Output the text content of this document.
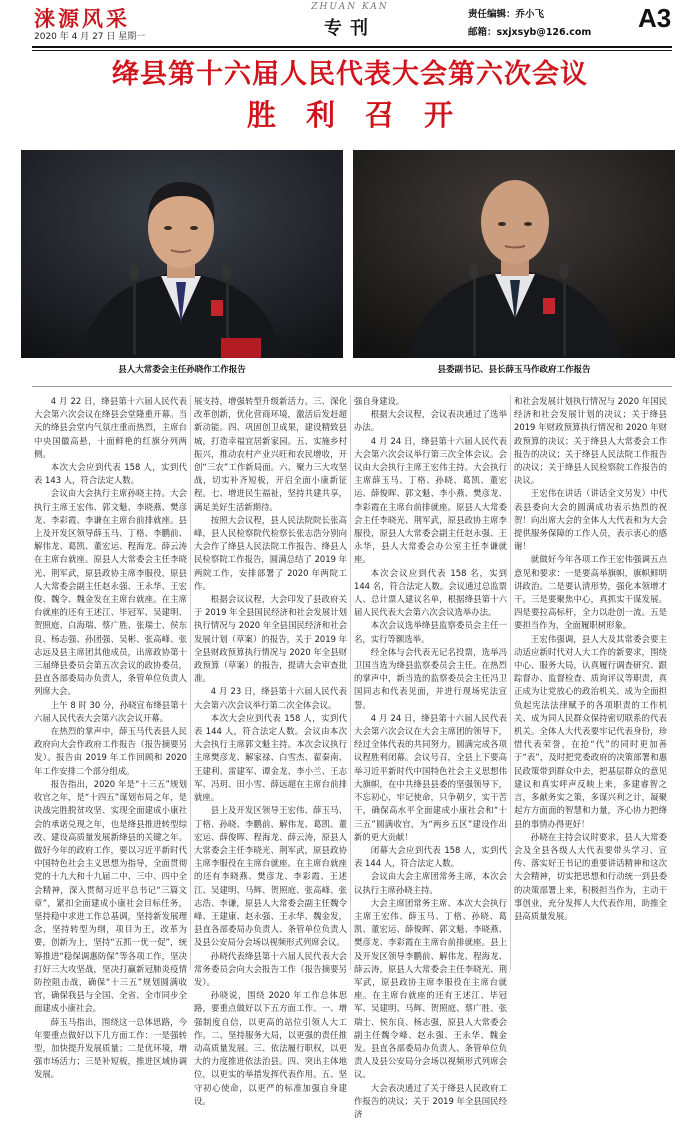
涞源风采
2020 年 4 月 27 日 星期一
ZHUAN KAN
专刊
责任编辑：乔小飞
邮箱：sxjxsyb@126.com A3
绛县第十六届人民代表大会第六次会议
胜利召开
县人大常委会主任孙晓作工作报告	县委副书记、县长薛玉马作政府工作报告

4 月 22 日，绛县第十六届人民代表大会第六次会议在绛县会堂隆重开幕。当天的绛县会堂内气氛庄重而热烈，主席台中央国徽高悬，十面鲜艳的红旗分列两侧。

本次大会应到代表 158 人，实到代表 143 人，符合法定人数。

会议由大会执行主席孙晓主持。大会执行主席王宏伟、郭文魁、李晓燕、樊彦龙、李彩霞、李谦在主席台前排就座。县上及开发区领导薛玉马、丁格、李鹏前、解伟龙、葛凯、董宏运、程海龙、薛云涛在主席台就座。原县人大常委会主任李晓光、荆军武，原县政协主席李服役，原县人大常委会副主任赵永强、王永华、王宏俊、魏令、魏金发在主席台就座。在主席台就座的还有王述江、毕冠军、吴建明、贺照庭、白海瑞、蔡广胜、张瑞士、侯东良、杨志强、孙团强、吴彬、张高峰、张志远及县主席团其他成员，出席政协第十三届绛县委员会第五次会议的政协委员，县直各部委局办负责人，条管单位负责人列席大会。

上午 8 时 30 分，孙晓宣布绛县第十六届人民代表大会第六次会议开幕。

在热烈的掌声中，薛玉马代表县人民政府向大会作政府工作报告（报告摘要另发）。报告由 2019 年工作回顾和 2020 年工作安排二个部分组成。

报告指出，2020 年是“十三五”规划收官之年，是“十四五”谋划布局之年，是决战完胜脱贫攻坚、实现全面建成小康社会的承诺兑现之年，也是绛县推进转型综改、建设高质量发展新绛县的关键之年。做好今年的政府工作，要以习近平新时代中国特色社会主义思想为指导，全面贯彻党的十九大和十九届二中、三中、四中全会精神，深入贯彻习近平总书记“三篇文章”，紧扣全面建成小康社会目标任务，坚持稳中求进工作总基调，坚持新发展理念，坚持转型为纲，项目为王，改革为要，创新为上，坚持“五抓一优一促”，统筹推进“稳保调惠防保”等各项工作，坚决打好三大攻坚战，坚决打赢新冠肺炎疫情防控阻击战，确保“十三五”规划圆满收官，确保我县与全国、全省、全市同步全面建成小康社会。

薛玉马指出，围绕这一总体思路，今年要重点做好以下几方面工作：一是强转型，加快提升发展质量；二是优环境，增强市场活力；三是补短板，推进区域协调发展。

展支持，增强转型升级新活力。三、深化改革创新，优化营商环境，激活后发赶超新动能。四、巩固创卫成果，建设精致县城，打造幸福宜居新家园。五、实施乡村振兴，推动农村产业兴旺和农民增收，开创“三农”工作新局面。六、聚力三大攻坚战，切实补齐短板，开启全面小康新征程。七、增进民生福祉，坚持共建共享，满足美好生活新期待。

按照大会议程，县人民法院院长张高峰，县人民检察院代检察长张志浩分别向大会作了绛县人民法院工作报告、绛县人民检察院工作报告，圆满总结了 2019 年两院工作，安排部署了 2020 年两院工作。

根据会议议程，大会印发了县政府关于 2019 年全县国民经济和社会发展计划执行情况与 2020 年全县国民经济和社会发展计划（草案）的报告，关于 2019 年全县财政预算执行情况与 2020 年全县财政预算（草案）的报告，提请大会审查批准。

4 月 23 日，绛县第十六届人民代表大会第六次会议举行第二次全体会议。

本次大会应到代表 158 人，实到代表 144 人，符合法定人数。会议由本次大会执行主席郭文魁主持。本次会议执行主席樊彦龙、解家禄、白雪杰、翟秦南、王建利、雷建军、谭金龙、李小兰、王志军、冯玥、田小雪、薛远超在主席台前排就座。

县上及开发区领导王宏伟、薛玉马、丁格、孙晓、李鹏前、解伟龙、葛凯、董宏运、薛俊晖、程海龙、薛云涛，原县人大常委会主任李晓光、荆军武，原县政协主席李服役在主席台就座。在主席台就座的还有李晓燕、樊彦龙、李彩霞、王述江、吴建明、马辉、贺照庭、张高峰、张志浩、李谦，原县人大常委会副主任魏令峰、王建康、赵永强、王永华、魏金发，县直各部委局办负责人、条管单位负责人及县公安局分会场以视频形式列席会议。

孙晓代表绛县第十六届人民代表大会常务委员会向大会报告工作（报告摘要另发）。

孙晓说，围绕 2020 年工作总体思路，要重点做好以下五方面工作。一、增强制度自信，以更高的站位引领人大工作。二、坚持服务大局，以更强的责任推动高质量发展。三、依法履行职权，以更大的力度推进依法治县。四、突出主体地位，以更实的举措发挥代表作用。五、坚守初心使命，以更严的标准加强自身建设。

强自身建设。

根据大会议程，会议表决通过了选举办法。

4 月 24 日，绛县第十六届人民代表大会第六次会议举行第三次全体会议。会议由大会执行主席王宏伟主持。大会执行主席薛玉马、丁格、孙晓、葛凯、董宏运、薛俊晖、郭文魁、李小燕、樊彦龙、李彩霞在主席台前排就座。原县人大常委会主任李晓光、荆军武，原县政协主席李服役，原县人大常委会副主任赵永强、王永华，县人大常委会办公室主任李谦就座。

本次会议应到代表 158 名，实到 144 名，符合法定人数。会议通过总监票人、总计票人建议名单，根据绛县第十六届人民代表大会第六次会议选举办法。

本次会议选举绛县监察委员会主任一名，实行等额选举。

经全体与会代表无记名投票，选举冯卫国当选为绛县监察委员会主任。在热烈的掌声中，新当选的监察委员会主任冯卫国同志和代表见面，并进行现场宪法宣誓。

4 月 24 日，绛县第十六届人民代表大会第六次会议在大会主席团的领导下，经过全体代表的共同努力，圆满完成各项议程胜利闭幕。会议号召，全县上下要高举习近平新时代中国特色社会主义思想伟大旗帜，在中共绛县县委的坚强领导下，不忘初心，牢记使命，只争朝夕，实干苦干，确保高水平全面建成小康社会和“十三五”圆满收官，为“两乡五区”建设作出新的更大贡献！

闭幕大会应到代表 158 人，实到代表 144 人，符合法定人数。

会议由大会主席团常务主席，本次会议执行主席孙晓主持。

大会主席团常务主席、本次大会执行主席王宏伟、薛玉马、丁格、孙晓、葛凯、董宏运、薛俊晖、郭文魁、李晓燕、樊彦龙、李彩霞在主席台前排就座。县上及开发区领导李鹏前、解伟龙、程海龙、薛云涛，原县人大常委会主任李晓光、荆军武，原县政协主席李服役在主席台就座。在主席台就座的还有王述江、毕冠军、吴建明、马辉、贺照庭、蔡广胜、张瑞士、侯东良、杨志强，原县人大常委会副主任魏令峰、赵永强、王永华、魏金发。县直各部委局办负责人、条管单位负责人及县公安局分会场以视频形式列席会议。

大会表决通过了关于绛县人民政府工作报告的决议；关于 2019 年全县国民经济

和社会发展计划执行情况与 2020 年国民经济和社会发展计划的决议；关于绛县 2019 年财政预算执行情况和 2020 年财政预算的决议；关于绛县人大常委会工作报告的决议；关于绛县人民法院工作报告的决议；关于绛县人民检察院工作报告的决议。

王宏伟在讲话（讲话全文另发）中代表县委向大会的圆满成功表示热烈的祝贺！向出席大会的全体人大代表和为大会提供服务保障的工作人员，表示衷心的感谢！

就做好今年各项工作王宏伟强调五点意见和要求：一是要高举旗帜，旗帜鲜明讲政治。二是要认清形势，强化本领增才干。三是要聚焦中心，真抓实干谋发展。四是要拉高标杆，全力以赴创一流。五是要担当作为，全面履职树形象。

王宏伟强调，县人大及其常委会要主动适应新时代对人大工作的新要求，围绕中心、服务大局，认真履行调查研究、跟踪督办、监督检查、质询评议等职责，真正成为让党放心的政治机关、成为全面担负起宪法法律赋予的各项职责的工作机关、成为同人民群众保持密切联系的代表机关。全体人大代表要牢记代表身份，珍惜代表荣誉，在抢“代”的同时更加善于“表”，及时把党委政府的决策部署和惠民政策带到群众中去，把基层群众的意见建议和真实呼声反映上来，多建睿智之言，多献务实之策，多谋兴利之计，凝聚起方方面面的智慧和力量，齐心协力把绛县的事情办得更好！

孙晓在主持会议时要求，县人大常委会及全县各级人大代表要带头学习、宣传、落实好王书记的重要讲话精神和这次大会精神，切实把思想和行动统一到县委的决策部署上来，积极担当作为，主动干事创业，充分发挥人大代表作用，助推全县高质量发展。
